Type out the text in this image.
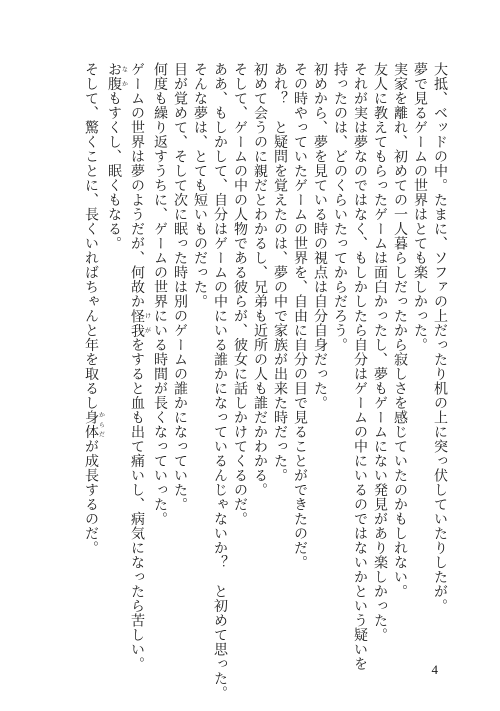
大抵、ベッドの中。たまに、ソファの上だったり机の上に突っ伏していたりしたが。
夢で見るゲームの世界はとても楽しかった。
実家を離れ、初めての一人暮らしだったから寂しさを感じていたのかもしれない。
友人に教えてもらったゲームは面白かったし、夢もゲームにない発見があり楽しかった。
それが実は夢なのではなく、もしかしたら自分はゲームの中にいるのではないかという疑いを
持ったのは、どのくらいたってからだろう。
初めから、夢を見ている時の視点は自分自身だった。
その時やっていたゲームの世界を、自由に自分の目で見ることができたのだ。
あれ？　と疑問を覚えたのは、夢の中で家族が出来た時だった。
初めて会うのに親だとわかるし、兄弟も近所の人も誰だかわかる。
そして、ゲームの中の人物である彼らが、彼女に話しかけてくるのだ。
ああ、もしかして、自分はゲームの中にいる誰かになっているんじゃないか？　と初めて思った。
そんな夢は、とても短いものだった。
目が覚めて、そして次に眠った時は別のゲームの誰かになっていた。
何度も繰り返すうちに、ゲームの世界にいる時間が長くなっていった。
ゲームの世界は夢のようだが、何故か怪我けがをすると血も出て痛いし、病気になったら苦しい。
お腹なかもすくし、眠くもなる。
そして、驚くことに、長くいればちゃんと年を取るし身体からだが成長するのだ。
4
